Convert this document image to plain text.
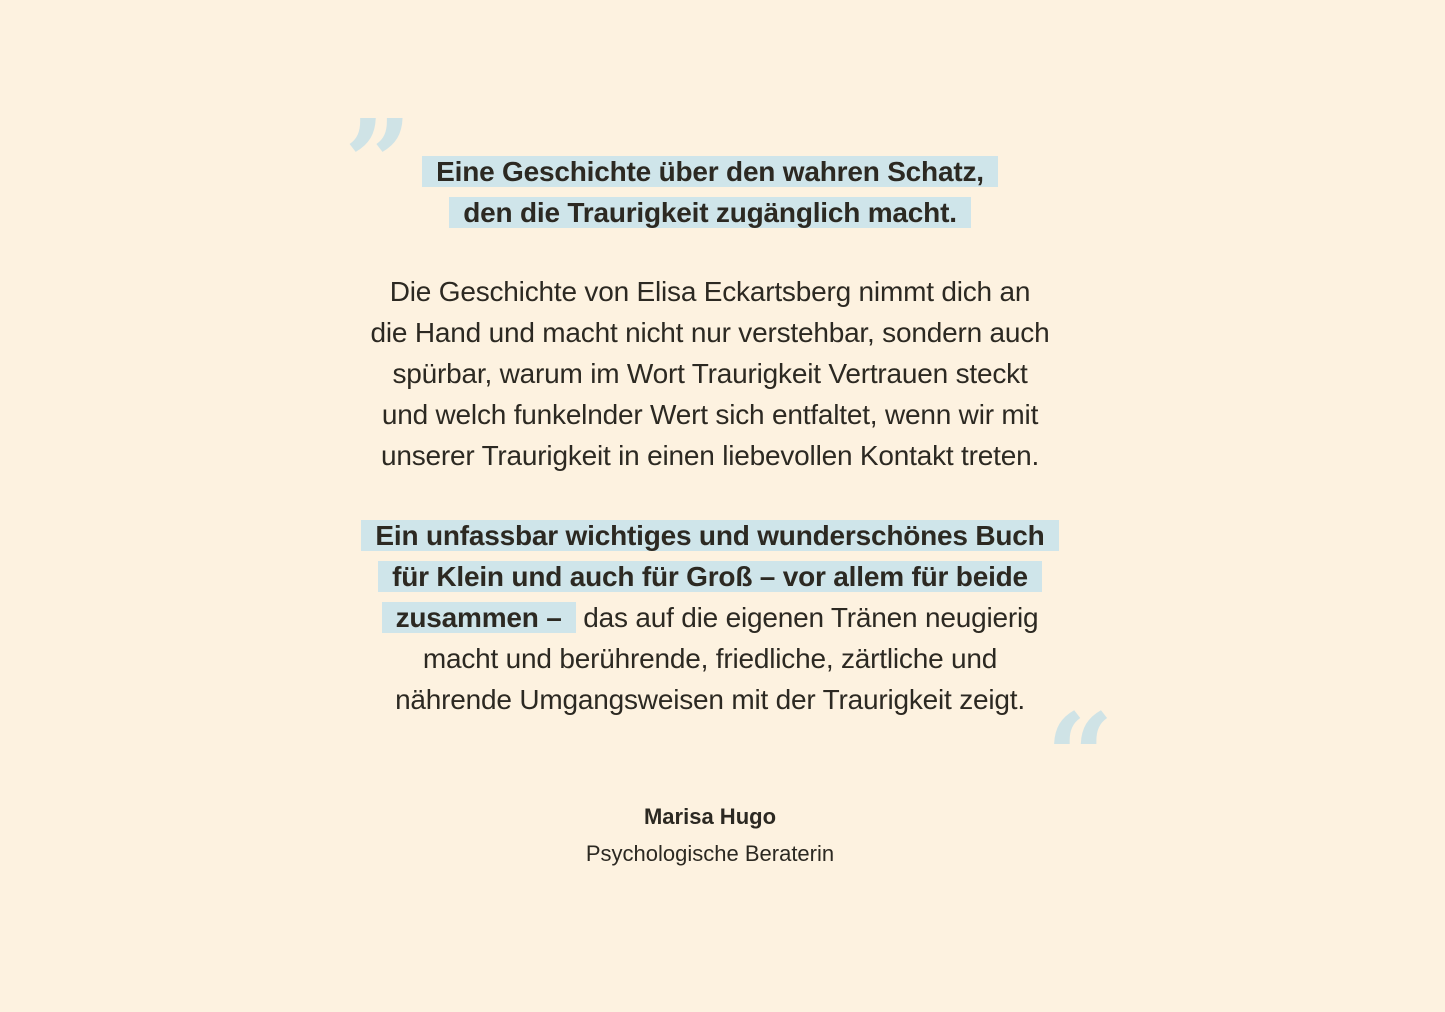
” Eine Geschichte über den wahren Schatz,
den die Traurigkeit zugänglich macht.

Die Geschichte von Elisa Eckartsberg nimmt dich an

die Hand und macht nicht nur verstehbar, sondern auch

spürbar, warum im Wort Traurigkeit Vertrauen steckt

und welch funkelnder Wert sich entfaltet, wenn wir mit

unserer Traurigkeit in einen liebevollen Kontakt treten.

Ein unfassbar wichtiges und wunderschönes Buch
für Klein und auch für Groß – vor allem für beide
zusammen – das auf die eigenen Tränen neugierig
macht und berührende, friedliche, zärtliche und
nährende Umgangsweisen mit der Traurigkeit zeigt. “
Marisa Hugo
Psychologische Beraterin
